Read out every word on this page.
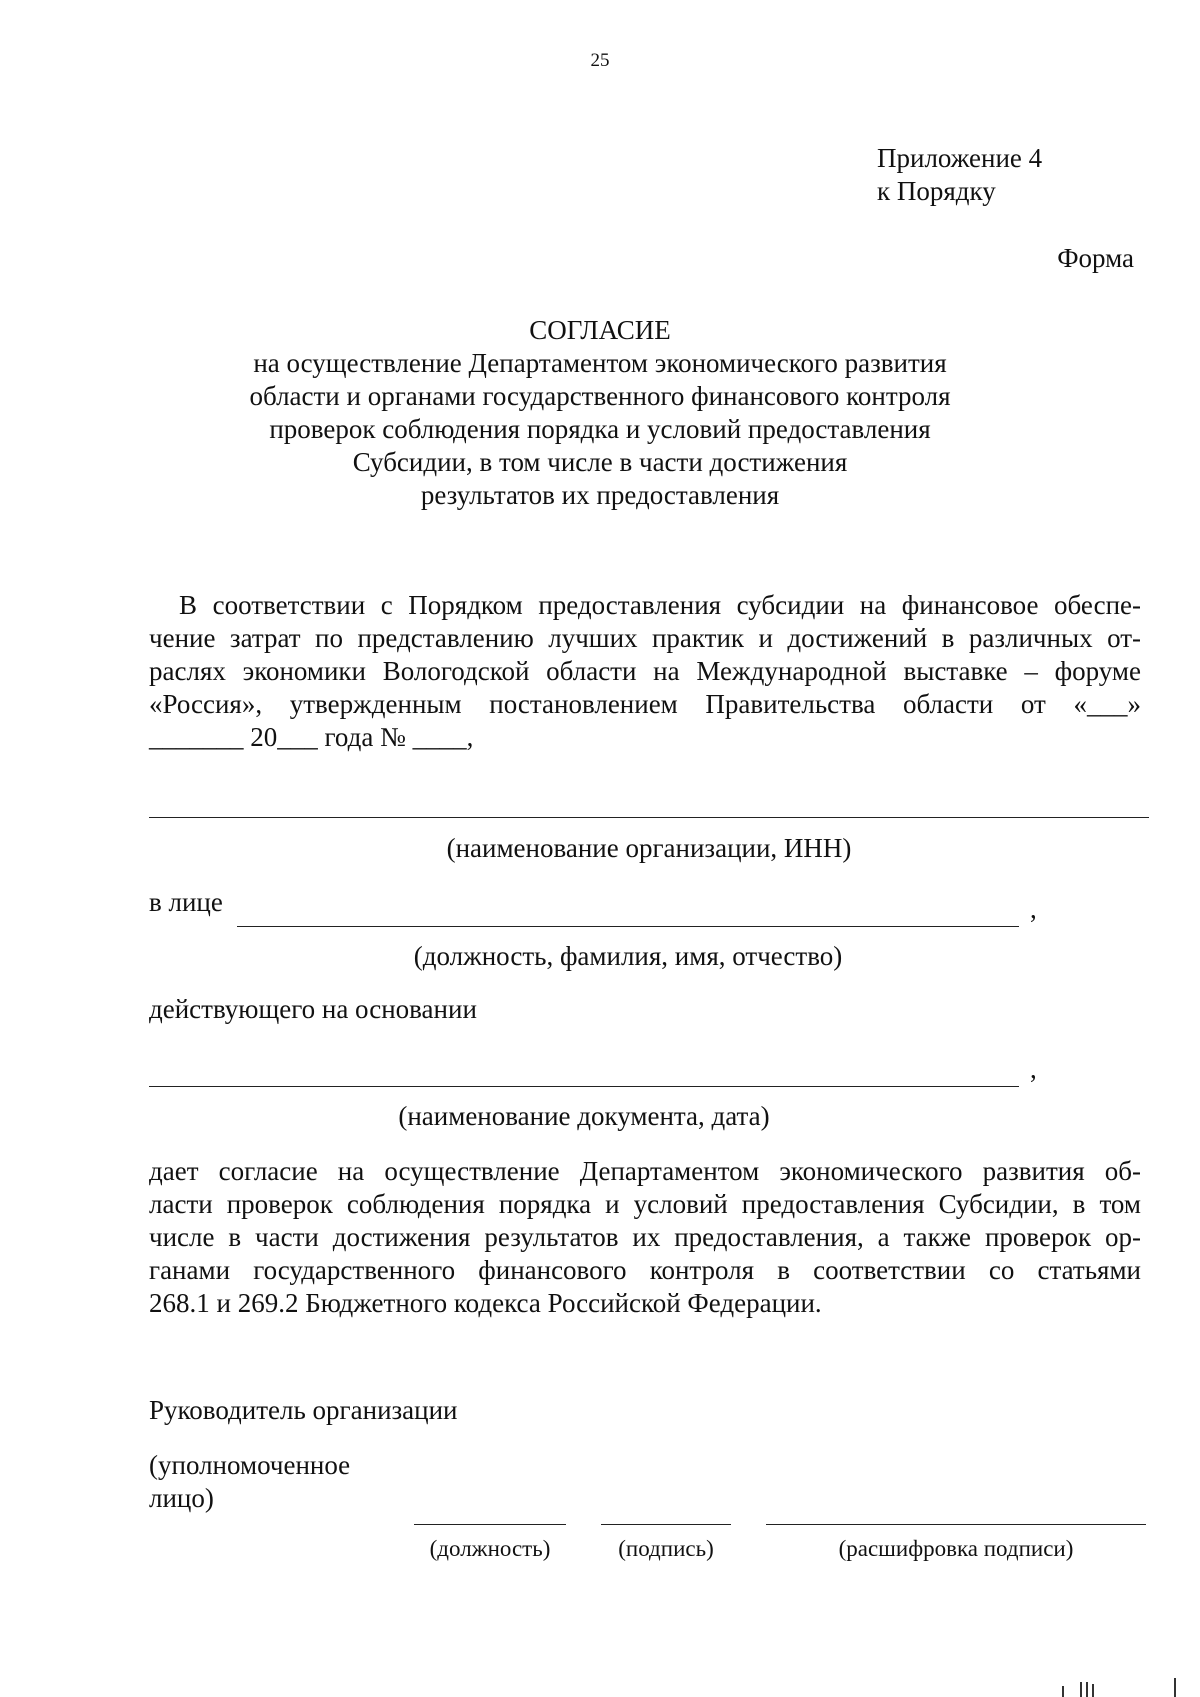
25
Приложение 4
к Порядку
Форма
СОГЛАСИЕ
на осуществление Департаментом экономического развития
области и органами государственного финансового контроля
проверок соблюдения порядка и условий предоставления
Субсидии, в том числе в части достижения
результатов их предоставления
В соответствии с Порядком предоставления субсидии на финансовое обеспе-
чение затрат по представлению лучших практик и достижений в различных от-
раслях экономики Вологодской области на Международной выставке – форуме
«Россия», утвержденным постановлением Правительства области от «___»
_______ 20___ года № ____,
(наименование организации, ИНН)
в лице	,
(должность, фамилия, имя, отчество)
действующего на основании
,
(наименование документа, дата)
дает согласие на осуществление Департаментом экономического развития об-
ласти проверок соблюдения порядка и условий предоставления Субсидии, в том
числе в части достижения результатов их предоставления, а также проверок ор-
ганами государственного финансового контроля в соответствии со статьями
268.1 и 269.2 Бюджетного кодекса Российской Федерации.
Руководитель организации
(уполномоченное
лицо)
(должность)	(подпись)	(расшифровка подписи)
